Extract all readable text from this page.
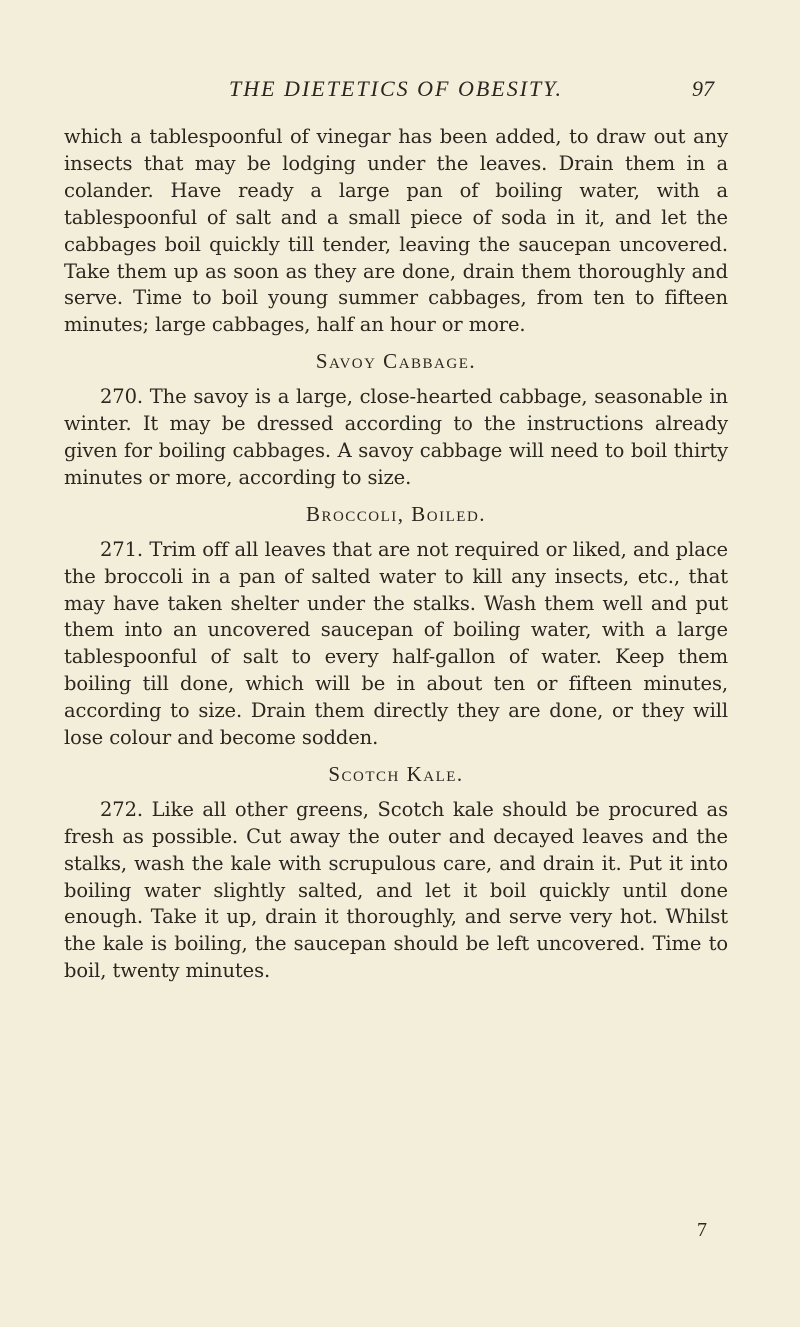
THE DIETETICS OF OBESITY.	97

which a tablespoonful of vinegar has been added, to draw out any insects that may be lodging under the leaves. Drain them in a colander. Have ready a large pan of boiling water, with a tablespoonful of salt and a small piece of soda in it, and let the cabbages boil quickly till tender, leaving the saucepan uncovered. Take them up as soon as they are done, drain them thoroughly and serve. Time to boil young summer cabbages, from ten to fifteen minutes; large cabbages, half an hour or more.

Savoy Cabbage.

270. The savoy is a large, close-hearted cabbage, seasonable in winter. It may be dressed according to the instructions already given for boiling cabbages. A savoy cabbage will need to boil thirty minutes or more, according to size.

Broccoli, Boiled.

271. Trim off all leaves that are not required or liked, and place the broccoli in a pan of salted water to kill any insects, etc., that may have taken shelter under the stalks. Wash them well and put them into an uncovered saucepan of boiling water, with a large tablespoonful of salt to every half-gallon of water. Keep them boiling till done, which will be in about ten or fifteen minutes, according to size. Drain them directly they are done, or they will lose colour and become sodden.

Scotch Kale.

272. Like all other greens, Scotch kale should be procured as fresh as possible. Cut away the outer and decayed leaves and the stalks, wash the kale with scrupulous care, and drain it. Put it into boiling water slightly salted, and let it boil quickly until done enough. Take it up, drain it thoroughly, and serve very hot. Whilst the kale is boiling, the saucepan should be left uncovered. Time to boil, twenty minutes.

7
